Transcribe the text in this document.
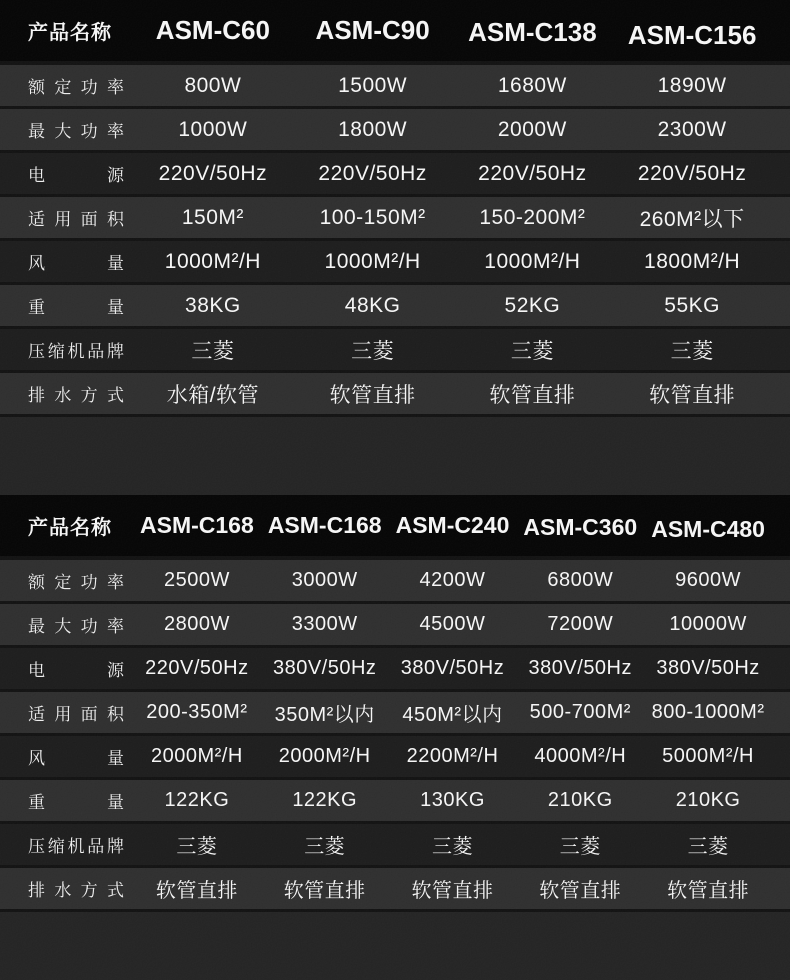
产品名称	ASM-C60	ASM-C90	ASM-C138	ASM-C156
额定功率	800W	1500W	1680W	1890W
最大功率	1000W	1800W	2000W	2300W
电源	220V/50Hz	220V/50Hz	220V/50Hz	220V/50Hz
适用面积	150M²	100-150M²	150-200M²	260M²以下
风量	1000M²/H	1000M²/H	1000M²/H	1800M²/H
重量	38KG	48KG	52KG	55KG
压缩机品牌	三菱	三菱	三菱	三菱
排水方式	水箱/软管	软管直排	软管直排	软管直排
产品名称	ASM-C168 ASM-C168 ASM-C240 ASM-C360 ASM-C480
额定功率	2500W	3000W	4200W	6800W	9600W
最大功率	2800W	3300W	4500W	7200W	10000W
电源	220V/50Hz	380V/50Hz	380V/50Hz	380V/50Hz	380V/50Hz
适用面积	200-350M²	350M²以内	450M²以内	500-700M²	800-1000M²
风量	2000M²/H	2000M²/H	2200M²/H	4000M²/H	5000M²/H
重量	122KG	122KG	130KG	210KG	210KG
压缩机品牌	三菱	三菱	三菱	三菱	三菱
排水方式	软管直排	软管直排	软管直排	软管直排	软管直排
